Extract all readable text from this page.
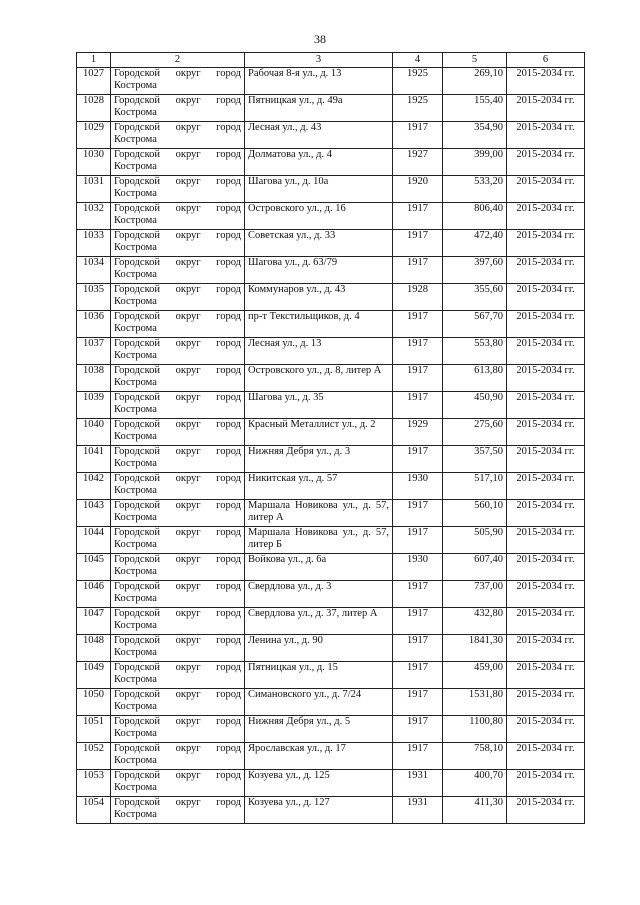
38
1	2	3	4	5	6
1027	Городской округ город Кострома	Рабочая 8-я ул., д. 13	1925	269,10	2015-2034 гг.
1028	Городской округ город Кострома	Пятницкая ул., д. 49а	1925	155,40	2015-2034 гг.
1029	Городской округ город Кострома	Лесная ул., д. 43	1917	354,90	2015-2034 гг.
1030	Городской округ город Кострома	Долматова ул., д. 4	1927	399,00	2015-2034 гг.
1031	Городской округ город Кострома	Шагова ул., д. 10а	1920	533,20	2015-2034 гг.
1032	Городской округ город Кострома	Островского ул., д. 16	1917	806,40	2015-2034 гг.
1033	Городской округ город Кострома	Советская ул., д. 33	1917	472,40	2015-2034 гг.
1034	Городской округ город Кострома	Шагова ул., д. 63/79	1917	397,60	2015-2034 гг.
1035	Городской округ город Кострома	Коммунаров ул., д. 43	1928	355,60	2015-2034 гг.
1036	Городской округ город Кострома	пр-т Текстильщиков, д. 4	1917	567,70	2015-2034 гг.
1037	Городской округ город Кострома	Лесная ул., д. 13	1917	553,80	2015-2034 гг.
1038	Городской округ город Кострома	Островского ул., д. 8, литер А	1917	613,80	2015-2034 гг.
1039	Городской округ город Кострома	Шагова ул., д. 35	1917	450,90	2015-2034 гг.
1040	Городской округ город Кострома	Красный Металлист ул., д. 2	1929	275,60	2015-2034 гг.
1041	Городской округ город Кострома	Нижняя Дебря ул., д. 3	1917	357,50	2015-2034 гг.
1042	Городской округ город Кострома	Никитская ул., д. 57	1930	517,10	2015-2034 гг.
1043	Городской округ город Кострома	Маршала Новикова ул., д. 57, литер А	1917	560,10	2015-2034 гг.
1044	Городской округ город Кострома	Маршала Новикова ул., д. 57, литер Б	1917	505,90	2015-2034 гг.
1045	Городской округ город Кострома	Войкова ул., д. 6а	1930	607,40	2015-2034 гг.
1046	Городской округ город Кострома	Свердлова ул., д. 3	1917	737,00	2015-2034 гг.
1047	Городской округ город Кострома	Свердлова ул., д. 37, литер А	1917	432,80	2015-2034 гг.
1048	Городской округ город Кострома	Ленина ул., д. 90	1917	1841,30	2015-2034 гг.
1049	Городской округ город Кострома	Пятницкая ул., д. 15	1917	459,00	2015-2034 гг.
1050	Городской округ город Кострома	Симановского ул., д. 7/24	1917	1531,80	2015-2034 гг.
1051	Городской округ город Кострома	Нижняя Дебря ул., д. 5	1917	1100,80	2015-2034 гг.
1052	Городской округ город Кострома	Ярославская ул., д. 17	1917	758,10	2015-2034 гг.
1053	Городской округ город Кострома	Козуева ул., д. 125	1931	400,70	2015-2034 гг.
1054	Городской округ город Кострома	Козуева ул., д. 127	1931	411,30	2015-2034 гг.
